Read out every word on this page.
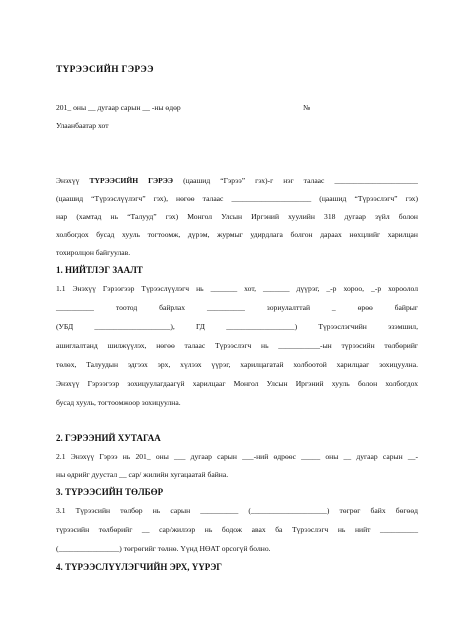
ТҮРЭЭСИЙН ГЭРЭЭ

201_ оны __ дугаар сарын __ -ны өдөр	№

Улаанбаатар хот

Энэхүү ТҮРЭЭСИЙН ГЭРЭЭ (цаашид “Гэрээ” гэх)-г нэг талаас ______________________

(цаашид “Түрээслүүлэгч” гэх), нөгөө талаас _____________________ (цаашид “Түрээслэгч” гэх)

нар (хамтад нь “Талууд” гэх) Монгол Улсын Иргэний хуулийн 318 дугаар зүйл болон

холбогдох бусад хууль тогтоомж, дүрэм, журмыг удирдлага болгон дараах нөхцлийг харилцан

тохиролцон байгуулав.

1. НИЙТЛЭГ ЗААЛТ

1.1 Энэхүү Гэрээгээр Түрээслүүлэгч нь _______ хот, _______ дүүрэг, _-р хороо, _-р хороолол

__________ тоотод байрлах __________ зориулалттай _ өрөө байрыг

(УБД ____________________), ГД __________________) Түрээслэгчийн эзэмшил,

ашиглалтанд шилжүүлэх, нөгөө талаас Түрээслэгч нь ___________-ын түрээсийн төлбөрийг

төлөх, Талуудын эдгээх эрх, хүлээх үүрэг, харилцагатай холбоотой харилцааг зохицуулна.

Энэхүү Гэрээгээр зохицуулагдаагүй харилцааг Монгол Улсын Иргэний хууль болон холбогдох

бусад хууль, тогтоомжоор зохицуулна.

2. ГЭРЭЭНИЙ ХУТАГАА

2.1 Энэхүү Гэрээ нь 201_ оны ___ дугаар сарын ___-ний өдрөөс _____ оны __ дугаар сарын __-

ны өдрийг дуустал __ сар/ жилийн хугацаатай байна.

3. ТҮРЭЭСИЙН ТӨЛБӨР

3.1 Түрээсийн төлбөр нь сарын __________ (____________________) төгрөг байх бөгөөд

түрээсийн төлбөрийг __ сар/жилээр нь бодож авах ба Түрээслэгч нь нийт __________

(________________) төгрөгийг төлнө. Үүнд НӨАТ орсогүй болно.

4. ТҮРЭЭСЛҮҮЛЭГЧИЙН ЭРХ, ҮҮРЭГ
